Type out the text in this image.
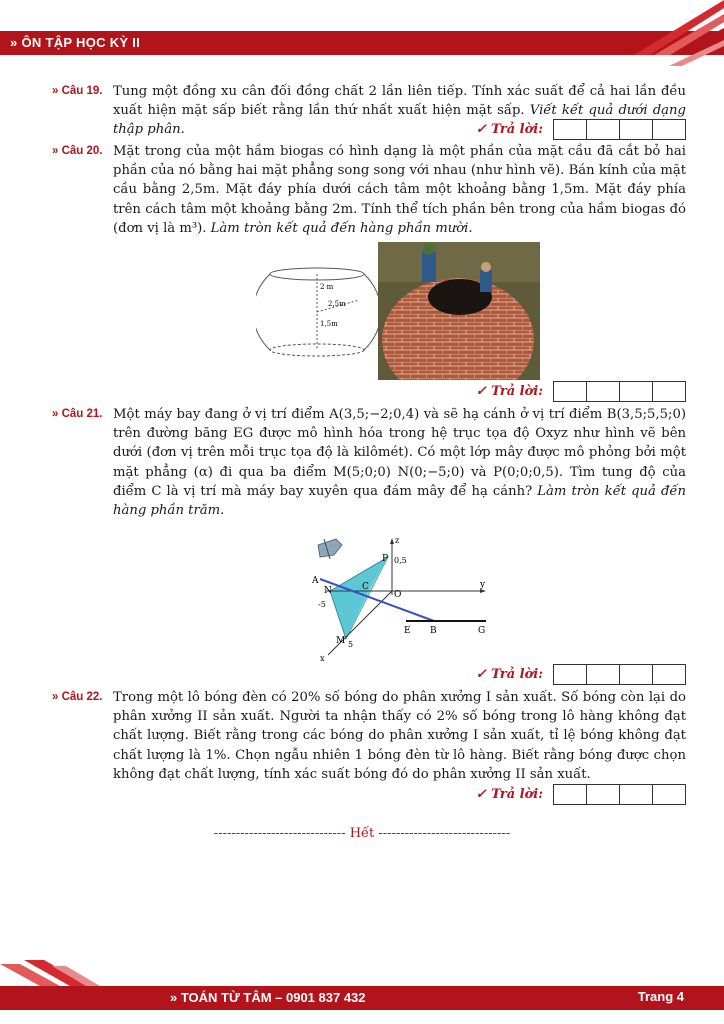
» ÔN TẬP HỌC KỲ II
» Câu 19. Tung một đồng xu cân đối đồng chất 2 lần liên tiếp. Tính xác suất để cả hai lần đều xuất hiện mặt sấp biết rằng lần thứ nhất xuất hiện mặt sấp. Viết kết quả dưới dạng thập phân.	✓ Trả lời:
» Câu 20. Mặt trong của một hầm biogas có hình dạng là một phần của mặt cầu đã cắt bỏ hai phần của nó bằng hai mặt phẳng song song với nhau (như hình vẽ). Bán kính của mặt cầu bằng 2,5m. Mặt đáy phía dưới cách tâm một khoảng bằng 1,5m. Mặt đáy phía trên cách tâm một khoảng bằng 2m. Tính thể tích phần bên trong của hầm biogas đó (đơn vị là m³). Làm tròn kết quả đến hàng phần mười.
2 m
2,5m
1,5m
✓ Trả lời:
» Câu 21. Một máy bay đang ở vị trí điểm A(3,5;−2;0,4) và sẽ hạ cánh ở vị trí điểm B(3,5;5,5;0) trên đường băng EG được mô hình hóa trong hệ trục tọa độ Oxyz như hình vẽ bên dưới (đơn vị trên mỗi trục tọa độ là kilômét). Có một lớp mây được mô phỏng bởi một mặt phẳng (α) đi qua ba điểm M(5;0;0) N(0;−5;0) và P(0;0;0,5). Tìm tung độ của điểm C là vị trí mà máy bay xuyên qua đám mây để hạ cánh? Làm tròn kết quả đến hàng phần trăm.
z
P 0,5
A
N	C
O
y
-5
E B	G
M 5
x
✓ Trả lời:
» Câu 22. Trong một lô bóng đèn có 20% số bóng do phân xưởng I sản xuất. Số bóng còn lại do phân xưởng II sản xuất. Người ta nhận thấy có 2% số bóng trong lô hàng không đạt chất lượng. Biết rằng trong các bóng do phân xưởng I sản xuất, tỉ lệ bóng không đạt chất lượng là 1%. Chọn ngẫu nhiên 1 bóng đèn từ lô hàng. Biết rằng bóng được chọn không đạt chất lượng, tính xác suất bóng đó do phân xưởng II sản xuất.
✓ Trả lời:
------------------------------ Hết ------------------------------
» TOÁN TỪ TÂM – 0901 837 432	Trang 4
